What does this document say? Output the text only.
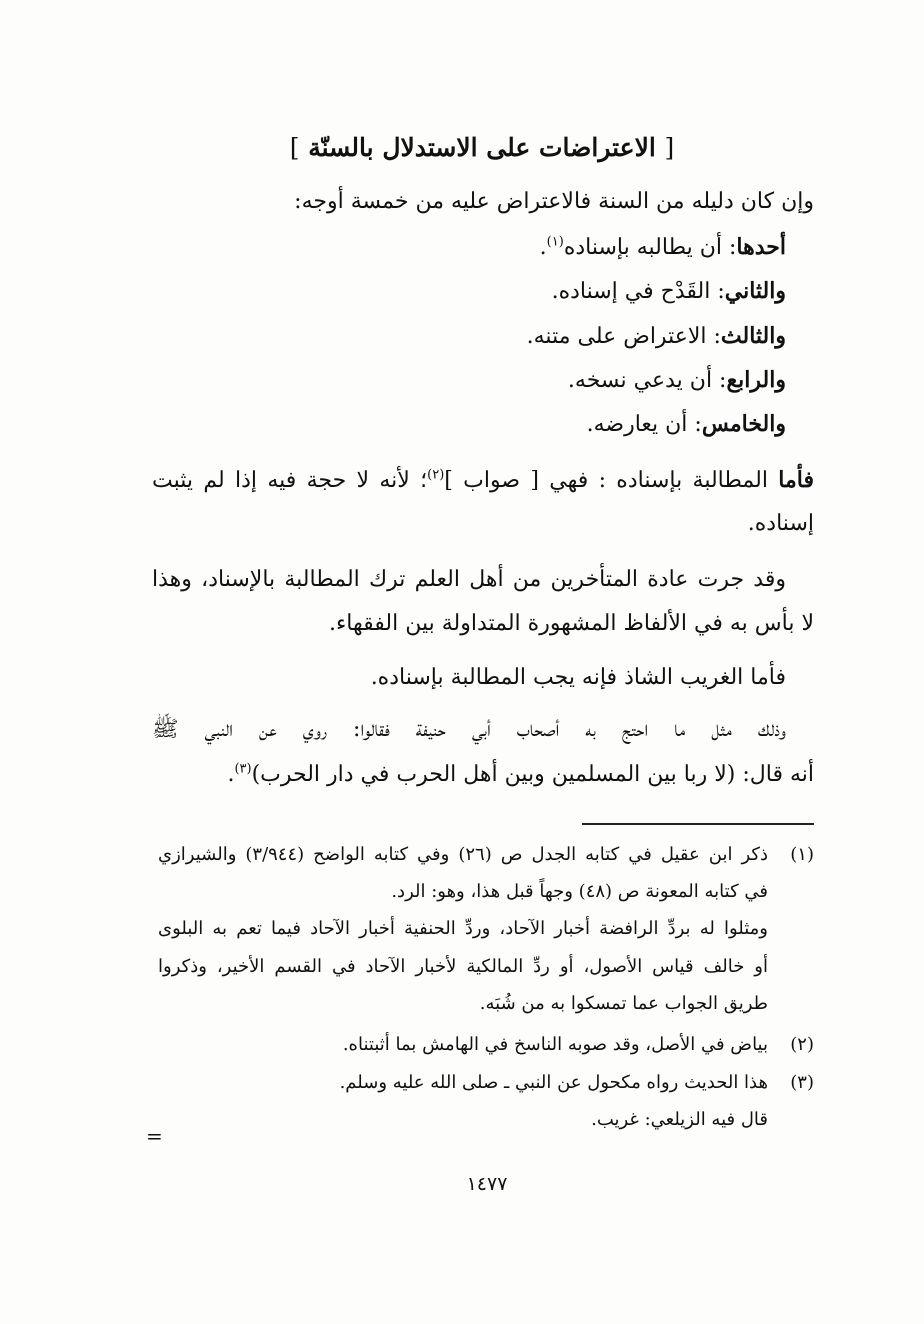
[ الاعتراضات على الاستدلال بالسنّة ]
وإن كان دليله من السنة فالاعتراض عليه من خمسة أوجه:
أحدها: أن يطالبه بإسناده$^{(١)}$.
والثاني: القَدْح في إسناده.
والثالث: الاعتراض على متنه.
والرابع: أن يدعي نسخه.
والخامس: أن يعارضه.
فأما المطالبة بإسناده : فهي [ صواب ]$^{(٢)}$؛ لأنه لا حجة فيه إذا لم يثبت
إسناده.
وقد جرت عادة المتأخرين من أهل العلم ترك المطالبة بالإسناد، وهذا
لا بأس به في الألفاظ المشهورة المتداولة بين الفقهاء.
فأما الغريب الشاذ فإنه يجب المطالبة بإسناده.
وذلك مثل ما احتج به أصحاب أبي حنيفة فقالوا: روي عن النبي ﷺ
أنه قال: (لا ربا بين المسلمين وبين أهل الحرب في دار الحرب)$^{(٣)}$.
(١)
ذكر ابن عقيل في كتابه الجدل ص (٢٦) وفي كتابه الواضح (٣/٩٤٤) والشيرازي
في كتابه المعونة ص (٤٨) وجهاً قبل هذا، وهو: الرد.
ومثلوا له بردِّ الرافضة أخبار الآحاد، وردِّ الحنفية أخبار الآحاد فيما تعم به البلوى
أو خالف قياس الأصول، أو ردِّ المالكية لأخبار الآحاد في القسم الأخير، وذكروا
طريق الجواب عما تمسكوا به من شُبَه.
(٢)
بياض في الأصل، وقد صوبه الناسخ في الهامش بما أثبتناه.
(٣)
هذا الحديث رواه مكحول عن النبي ـ صلى الله عليه وسلم.
قال فيه الزيلعي: غريب.
=
١٤٧٧
